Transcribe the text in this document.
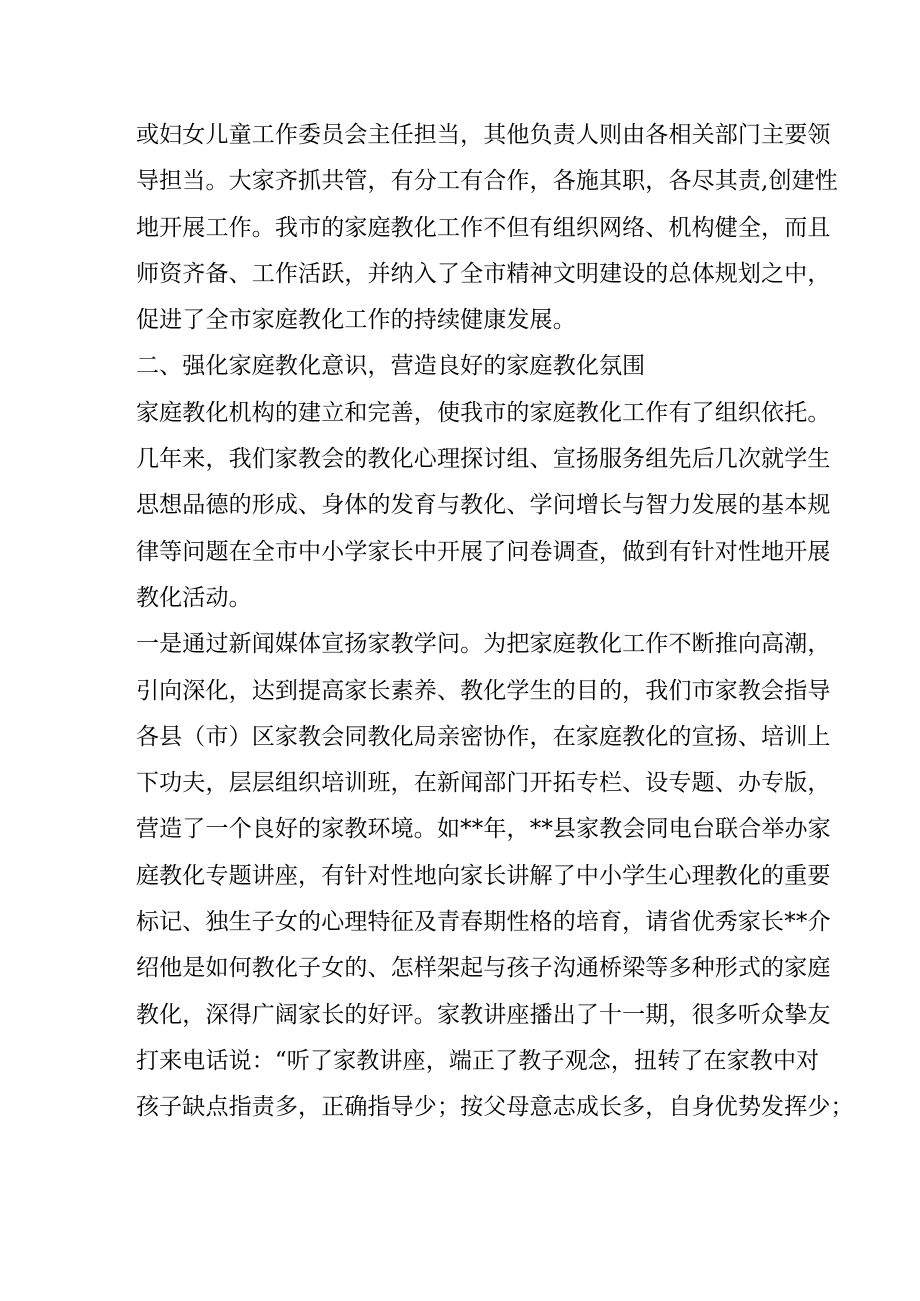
或妇女儿童工作委员会主任担当，其他负责人则由各相关部门主要领
导担当。大家齐抓共管，有分工有合作，各施其职，各尽其责,创建性
地开展工作。我市的家庭教化工作不但有组织网络、机构健全，而且
师资齐备、工作活跃，并纳入了全市精神文明建设的总体规划之中，
促进了全市家庭教化工作的持续健康发展。
二、强化家庭教化意识，营造良好的家庭教化氛围
家庭教化机构的建立和完善，使我市的家庭教化工作有了组织依托。
几年来，我们家教会的教化心理探讨组、宣扬服务组先后几次就学生
思想品德的形成、身体的发育与教化、学问增长与智力发展的基本规
律等问题在全市中小学家长中开展了问卷调查，做到有针对性地开展
教化活动。
一是通过新闻媒体宣扬家教学问。为把家庭教化工作不断推向高潮，
引向深化，达到提高家长素养、教化学生的目的，我们市家教会指导
各县（市）区家教会同教化局亲密协作，在家庭教化的宣扬、培训上
下功夫，层层组织培训班，在新闻部门开拓专栏、设专题、办专版，
营造了一个良好的家教环境。如**年，**县家教会同电台联合举办家
庭教化专题讲座，有针对性地向家长讲解了中小学生心理教化的重要
标记、独生子女的心理特征及青春期性格的培育，请省优秀家长**介
绍他是如何教化子女的、怎样架起与孩子沟通桥梁等多种形式的家庭
教化，深得广阔家长的好评。家教讲座播出了十一期，很多听众挚友
打来电话说：“听了家教讲座，端正了教子观念，扭转了在家教中对
孩子缺点指责多，正确指导少；按父母意志成长多，自身优势发挥少；
